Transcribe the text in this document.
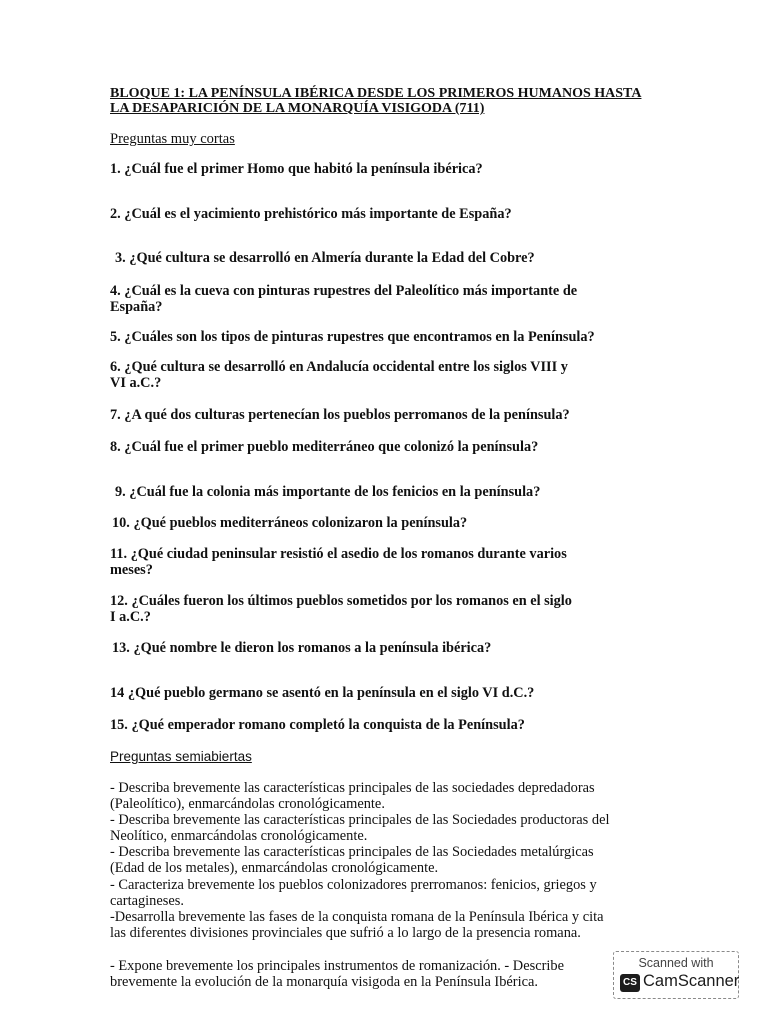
BLOQUE 1: LA PENÍNSULA IBÉRICA DESDE LOS PRIMEROS HUMANOS HASTA
LA DESAPARICIÓN DE LA MONARQUÍA VISIGODA (711)
Preguntas muy cortas
1. ¿Cuál fue el primer Homo que habitó la península ibérica?
2. ¿Cuál es el yacimiento prehistórico más importante de España?
3. ¿Qué cultura se desarrolló en Almería durante la Edad del Cobre?
4. ¿Cuál es la cueva con pinturas rupestres del Paleolítico más importante de
España?
5. ¿Cuáles son los tipos de pinturas rupestres que encontramos en la Península?
6. ¿Qué cultura se desarrolló en Andalucía occidental entre los siglos VIII y
VI a.C.?
7. ¿A qué dos culturas pertenecían los pueblos perromanos de la península?
8. ¿Cuál fue el primer pueblo mediterráneo que colonizó la península?
9. ¿Cuál fue la colonia más importante de los fenicios en la península?
10. ¿Qué pueblos mediterráneos colonizaron la península?
11. ¿Qué ciudad peninsular resistió el asedio de los romanos durante varios
meses?
12. ¿Cuáles fueron los últimos pueblos sometidos por los romanos en el siglo
I a.C.?
13. ¿Qué nombre le dieron los romanos a la península ibérica?
14 ¿Qué pueblo germano se asentó en la península en el siglo VI d.C.?
15. ¿Qué emperador romano completó la conquista de la Península?
Preguntas semiabiertas

- Describa brevemente las características principales de las sociedades depredadoras

(Paleolítico), enmarcándolas cronológicamente.

- Describa brevemente las características principales de las Sociedades productoras del

Neolítico, enmarcándolas cronológicamente.

- Describa brevemente las características principales de las Sociedades metalúrgicas

(Edad de los metales), enmarcándolas cronológicamente.

- Caracteriza brevemente los pueblos colonizadores prerromanos: fenicios, griegos y

cartagineses.

-Desarrolla brevemente las fases de la conquista romana de la Península Ibérica y cita

las diferentes divisiones provinciales que sufrió a lo largo de la presencia romana.

- Expone brevemente los principales instrumentos de romanización. - Describe

brevemente la evolución de la monarquía visigoda en la Península Ibérica.

Scanned with
CS CamScanner
